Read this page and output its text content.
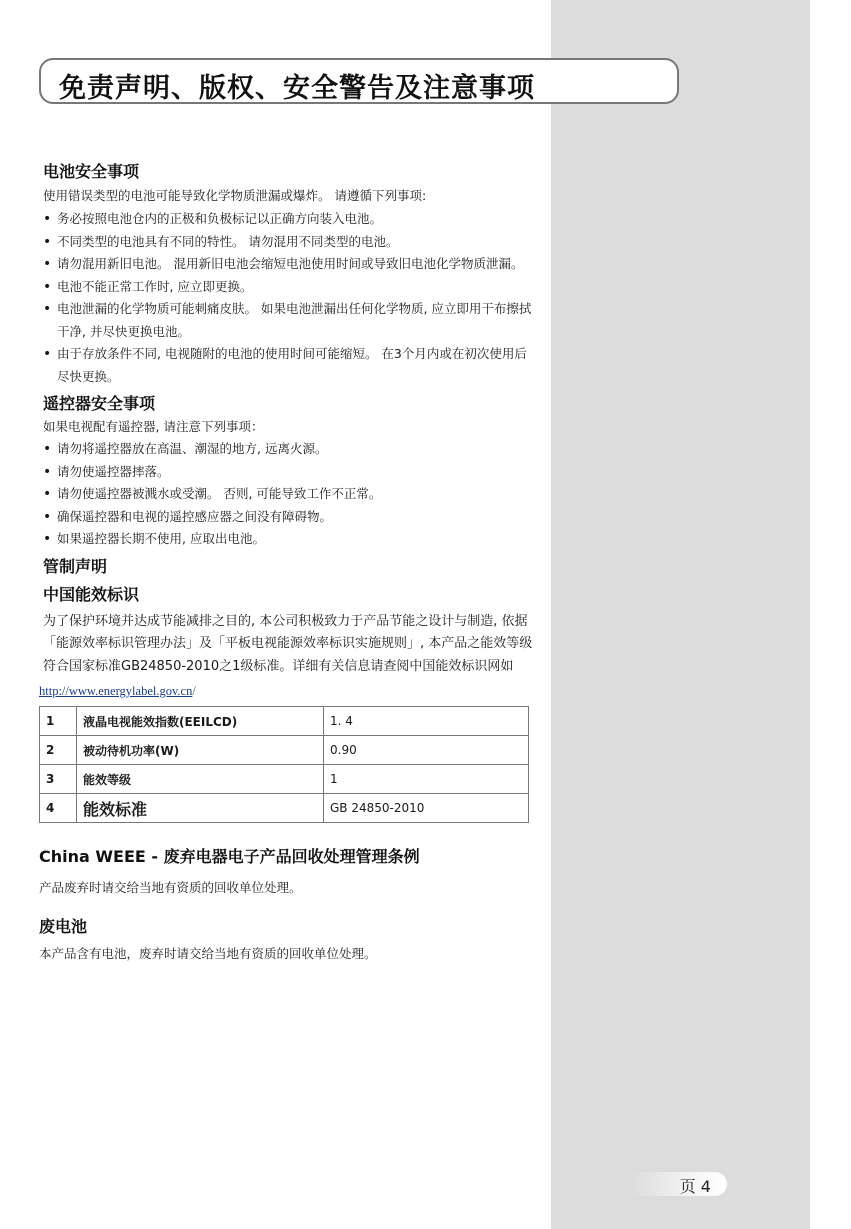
免责声明、版权、安全警告及注意事项
电池安全事项

使用错误类型的电池可能导致化学物质泄漏或爆炸。 请遵循下列事项:

• 务必按照电池仓内的正极和负极标记以正确方向装入电池。
• 不同类型的电池具有不同的特性。 请勿混用不同类型的电池。
• 请勿混用新旧电池。 混用新旧电池会缩短电池使用时间或导致旧电池化学物质泄漏。
• 电池不能正常工作时, 应立即更换。
• 电池泄漏的化学物质可能刺痛皮肤。 如果电池泄漏出任何化学物质, 应立即用干布擦拭干净, 并尽快更换电池。
• 由于存放条件不同, 电视随附的电池的使用时间可能缩短。 在3个月内或在初次使用后尽快更换。
遥控器安全事项

如果电视配有遥控器, 请注意下列事项：

• 请勿将遥控器放在高温、潮湿的地方, 远离火源。
• 请勿使遥控器摔落。
• 请勿使遥控器被溅水或受潮。 否则, 可能导致工作不正常。
• 确保遥控器和电视的遥控感应器之间没有障碍物。
• 如果遥控器长期不使用, 应取出电池。
管制声明
中国能效标识

为了保护环境并达成节能减排之目的, 本公司积极致力于产品节能之设计与制造, 依据「能源效率标识管理办法」及「平板电视能源效率标识实施规则」, 本产品之能效等级符合国家标准GB24850-2010之1级标准。详细有关信息请查阅中国能效标识网如

http://www.energylabel.gov.cn/
1	液晶电视能效指数(EEILCD)	1. 4
2	被动待机功率(W)	0.90
3	能效等级	1
4	能效标准	GB 24850-2010
China WEEE - 废弃电器电子产品回收处理管理条例

产品废弃时请交给当地有资质的回收单位处理。

废电池

本产品含有电池，废弃时请交给当地有资质的回收单位处理。

页 4
